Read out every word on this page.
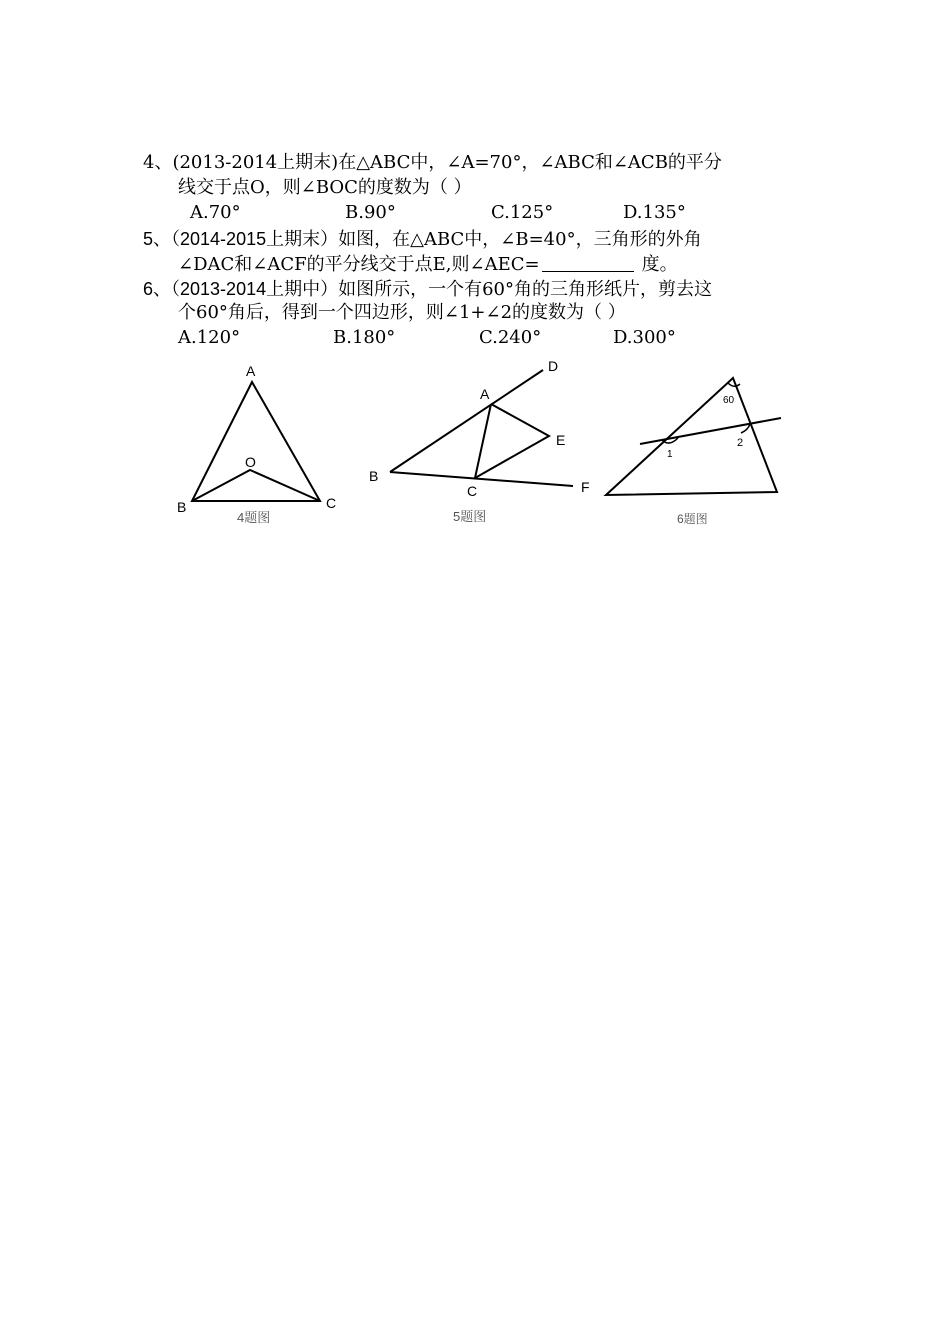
4、(2013-2014上期末)在△ABC中，∠A=70°，∠ABC和∠ACB的平分
线交于点O，则∠BOC的度数为（ ）
A.70°	B.90°	C.125°	D.135°
5、（2014-2015上期末）如图，在△ABC中，∠B=40°，三角形的外角
∠DAC和∠ACF的平分线交于点E,则∠AEC=	度。
6、（2013-2014上期中）如图所示，一个有60°角的三角形纸片，剪去这
个60°角后，得到一个四边形，则∠1+∠2的度数为（ ）
A.120°	B.180°	C.240°	D.300°
A
O
B	C
4题图
D
A
E
B
C	F
5题图
60
1
2
6题图
